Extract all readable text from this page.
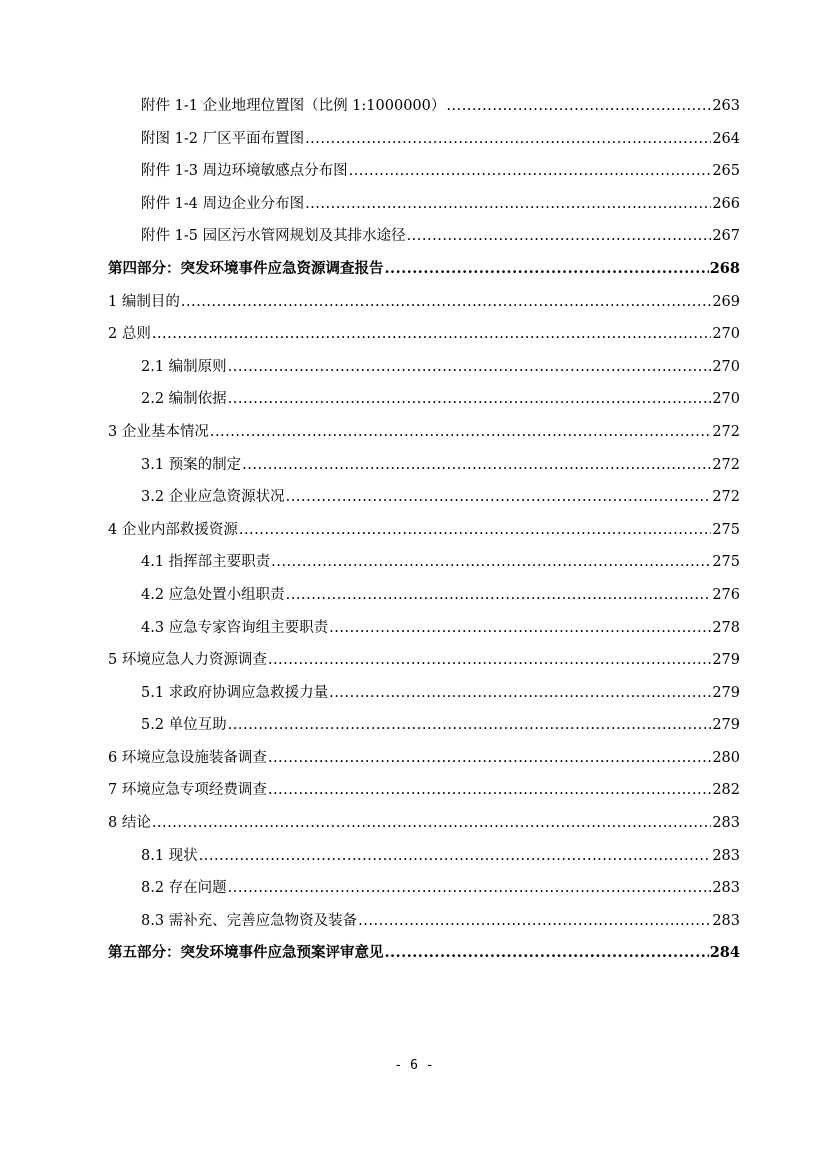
附件 1-1 企业地理位置图（比例 1:1000000） .....	263
附图 1-2 厂区平面布置图 .....	264
附件 1-3 周边环境敏感点分布图 .....	265
附件 1-4 周边企业分布图 .....	266
附件 1-5 园区污水管网规划及其排水途径 .....	267
第四部分：突发环境事件应急资源调查报告 .....	268
1 编制目的 .....	269
2 总则 .....	270
2.1 编制原则 .....	270
2.2 编制依据 .....	270
3 企业基本情况 .....	272
3.1 预案的制定 .....	272
3.2 企业应急资源状况 .....	272
4 企业内部救援资源 .....	275
4.1 指挥部主要职责 .....	275
4.2 应急处置小组职责 .....	276
4.3 应急专家咨询组主要职责 .....	278
5 环境应急人力资源调查 .....	279
5.1 求政府协调应急救援力量 .....	279
5.2 单位互助 .....	279
6 环境应急设施装备调查 .....	280
7 环境应急专项经费调查 .....	282
8 结论 .....	283
8.1 现状 .....	283
8.2 存在问题 .....	283
8.3 需补充、完善应急物资及装备 .....	283
第五部分：突发环境事件应急预案评审意见 .....	284
- 6 -
